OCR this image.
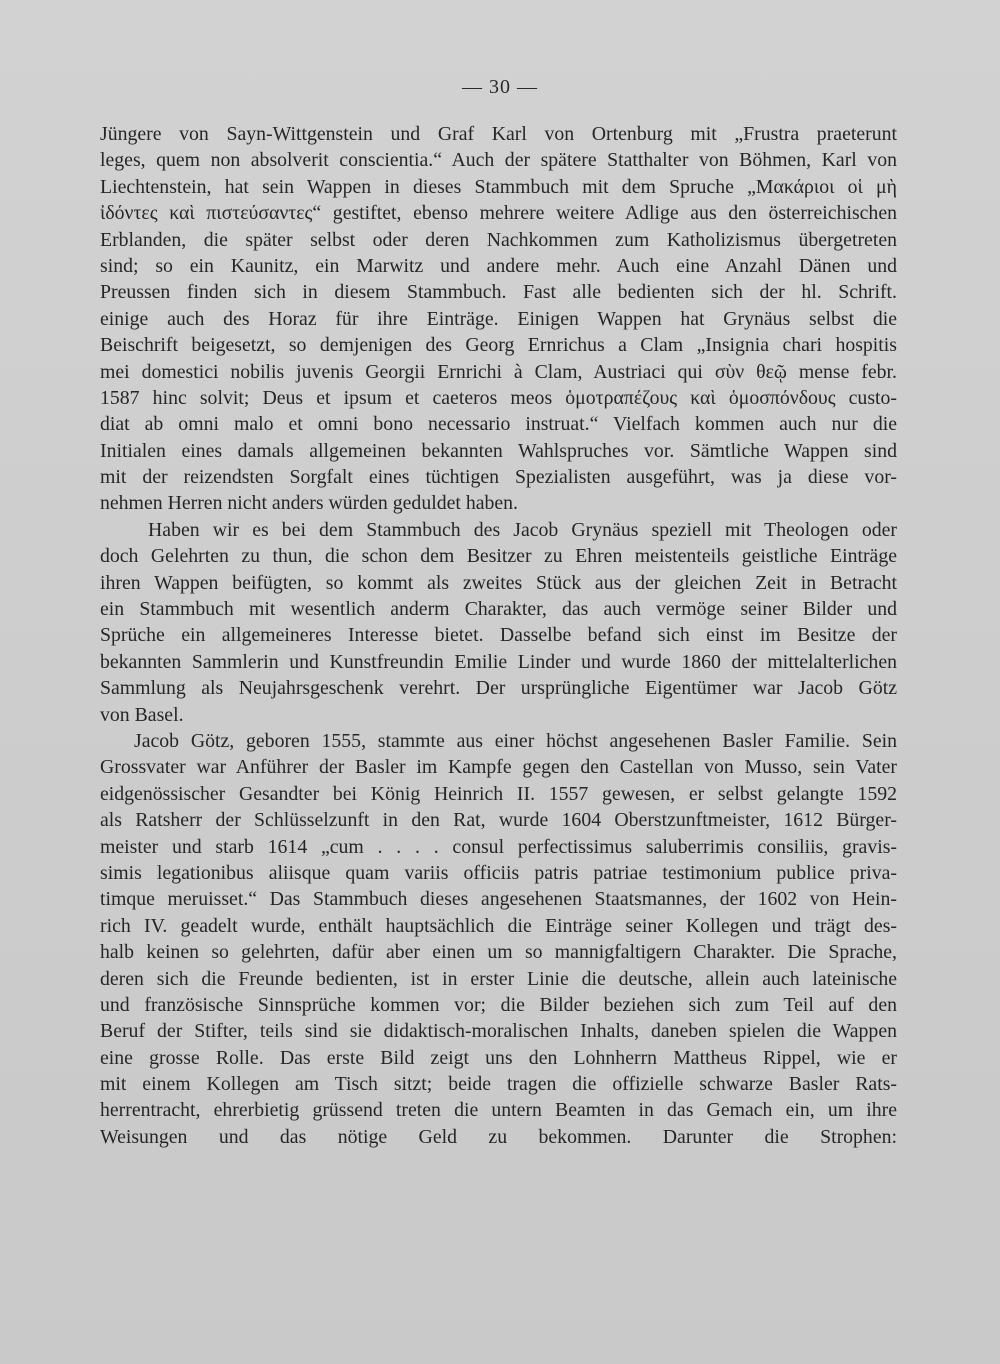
— 30 —
Jüngere von Sayn-Wittgenstein und Graf Karl von Ortenburg mit „Frustra praeterunt
leges, quem non absolverit conscientia.“ Auch der spätere Statthalter von Böhmen, Karl von
Liechtenstein, hat sein Wappen in dieses Stammbuch mit dem Spruche „Μακάριοι οἱ μὴ
ἰδόντες καὶ πιστεύσαντες“ gestiftet, ebenso mehrere weitere Adlige aus den österreichischen
Erblanden, die später selbst oder deren Nachkommen zum Katholizismus übergetreten
sind; so ein Kaunitz, ein Marwitz und andere mehr. Auch eine Anzahl Dänen und
Preussen finden sich in diesem Stammbuch. Fast alle bedienten sich der hl. Schrift.
einige auch des Horaz für ihre Einträge. Einigen Wappen hat Grynäus selbst die
Beischrift beigesetzt, so demjenigen des Georg Ernrichus a Clam „Insignia chari hospitis
mei domestici nobilis juvenis Georgii Ernrichi à Clam, Austriaci qui σὺν θεῷ mense febr.
1587 hinc solvit; Deus et ipsum et caeteros meos ὁμοτραπέζους καὶ ὁμοσπόνδους custo-
diat ab omni malo et omni bono necessario instruat.“ Vielfach kommen auch nur die
Initialen eines damals allgemeinen bekannten Wahlspruches vor. Sämtliche Wappen sind
mit der reizendsten Sorgfalt eines tüchtigen Spezialisten ausgeführt, was ja diese vor-
nehmen Herren nicht anders würden geduldet haben.
Haben wir es bei dem Stammbuch des Jacob Grynäus speziell mit Theologen oder
doch Gelehrten zu thun, die schon dem Besitzer zu Ehren meistenteils geistliche Einträge
ihren Wappen beifügten, so kommt als zweites Stück aus der gleichen Zeit in Betracht
ein Stammbuch mit wesentlich anderm Charakter, das auch vermöge seiner Bilder und
Sprüche ein allgemeineres Interesse bietet. Dasselbe befand sich einst im Besitze der
bekannten Sammlerin und Kunstfreundin Emilie Linder und wurde 1860 der mittelalterlichen
Sammlung als Neujahrsgeschenk verehrt. Der ursprüngliche Eigentümer war Jacob Götz
von Basel.
Jacob Götz, geboren 1555, stammte aus einer höchst angesehenen Basler Familie. Sein
Grossvater war Anführer der Basler im Kampfe gegen den Castellan von Musso, sein Vater
eidgenössischer Gesandter bei König Heinrich II. 1557 gewesen, er selbst gelangte 1592
als Ratsherr der Schlüsselzunft in den Rat, wurde 1604 Oberstzunftmeister, 1612 Bürger-
meister und starb 1614 „cum . . . . consul perfectissimus saluberrimis consiliis, gravis-
simis legationibus aliisque quam variis officiis patris patriae testimonium publice priva-
timque meruisset.“ Das Stammbuch dieses angesehenen Staatsmannes, der 1602 von Hein-
rich IV. geadelt wurde, enthält hauptsächlich die Einträge seiner Kollegen und trägt des-
halb keinen so gelehrten, dafür aber einen um so mannigfaltigern Charakter. Die Sprache,
deren sich die Freunde bedienten, ist in erster Linie die deutsche, allein auch lateinische
und französische Sinnsprüche kommen vor; die Bilder beziehen sich zum Teil auf den
Beruf der Stifter, teils sind sie didaktisch-moralischen Inhalts, daneben spielen die Wappen
eine grosse Rolle. Das erste Bild zeigt uns den Lohnherrn Mattheus Rippel, wie er
mit einem Kollegen am Tisch sitzt; beide tragen die offizielle schwarze Basler Rats-
herrentracht, ehrerbietig grüssend treten die untern Beamten in das Gemach ein, um ihre
Weisungen und das nötige Geld zu bekommen. Darunter die Strophen:
